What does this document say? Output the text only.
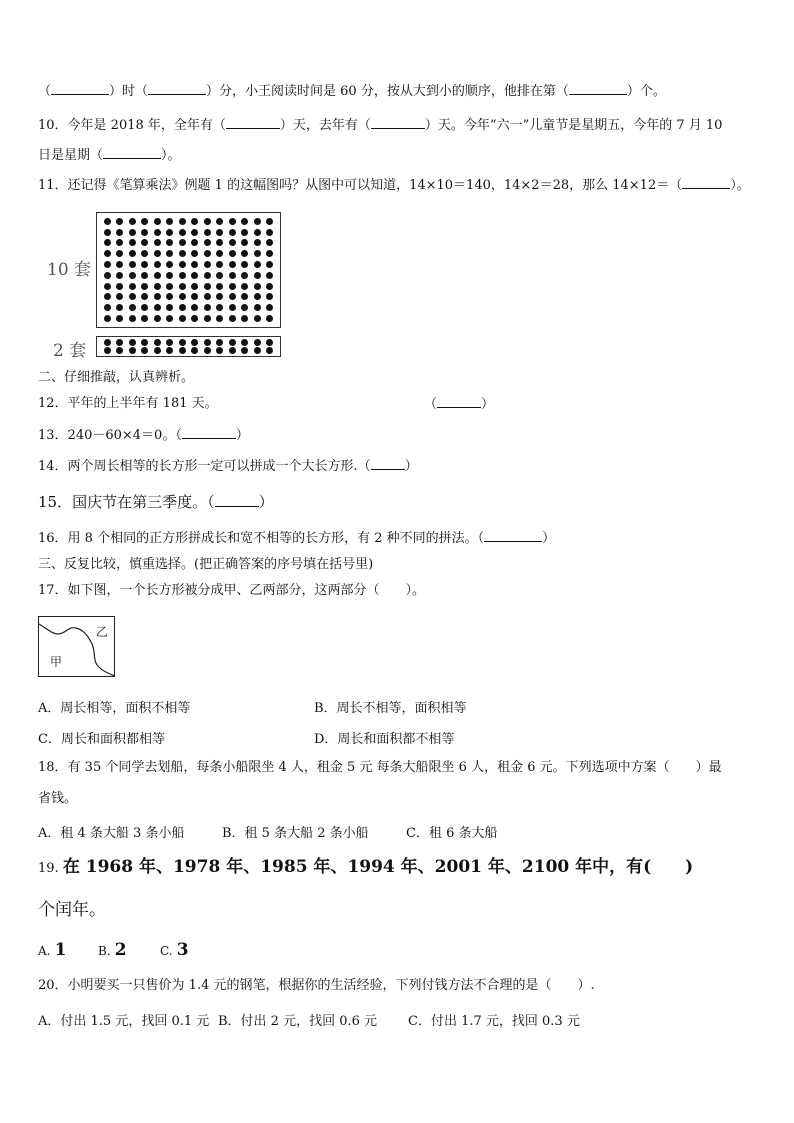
（	）时（	）分，小王阅读时间是 60 分，按从大到小的顺序，他排在第（	）个。
10．今年是 2018 年，全年有（	）天，去年有（	）天。今年“六一”儿童节是星期五，今年的 7 月 10
日是星期（	）。
11．还记得《笔算乘法》例题 1 的这幅图吗？从图中可以知道，14×10＝140，14×2＝28，那么 14×12＝（	）。
10 套
2 套
二、仔细推敲，认真辨析。
12．平年的上半年有 181 天。	（	）
13．240－60×4＝0。（	）
14．两个周长相等的长方形一定可以拼成一个大长方形.（	）
15．国庆节在第三季度。（	）
16．用 8 个相同的正方形拼成长和宽不相等的长方形，有 2 种不同的拼法。（	）
三、反复比较，慎重选择。(把正确答案的序号填在括号里)
17．如下图，一个长方形被分成甲、乙两部分，这两部分（　　）。
甲
乙
A．周长相等，面积不相等	B．周长不相等，面积相等
C．周长和面积都相等	D．周长和面积都不相等
18．有 35 个同学去划船，每条小船限坐 4 人，租金 5 元 每条大船限坐 6 人，租金 6 元。下列选项中方案（　　）最
省钱。
A．租 4 条大船 3 条小船	B．租 5 条大船 2 条小船	C．租 6 条大船
19. 在 1968 年、1978 年、1985 年、1994 年、2001 年、2100 年中，有(　　)
个闰年。
A. 1	B. 2	C. 3
20．小明要买一只售价为 1.4 元的钢笔，根据你的生活经验，下列付钱方法不合理的是（　　）.
A．付出 1.5 元，找回 0.1 元 B．付出 2 元，找回 0.6 元 C．付出 1.7 元，找回 0.3 元
